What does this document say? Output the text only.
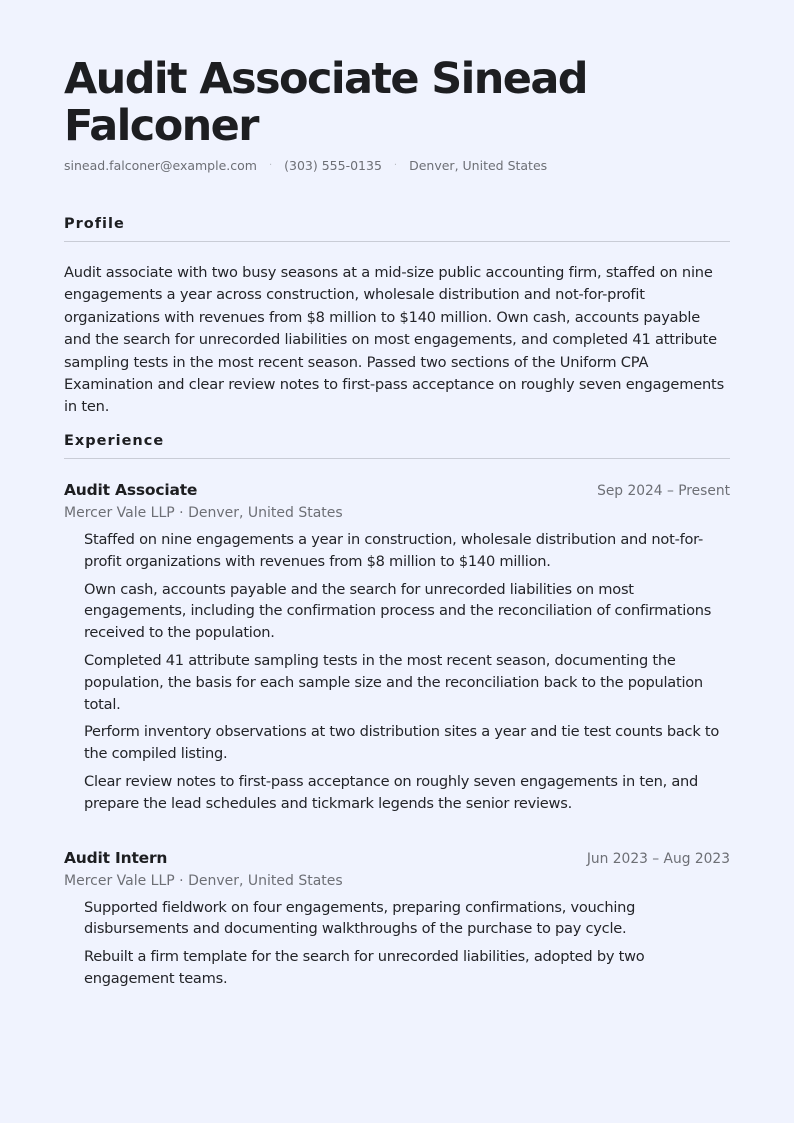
Audit Associate Sinead Falconer
sinead.falconer@example.com · (303) 555-0135 · Denver, United States
Profile

Audit associate with two busy seasons at a mid-size public accounting firm, staffed on nine engagements a year across construction, wholesale distribution and not-for-profit organizations with revenues from $8 million to $140 million. Own cash, accounts payable and the search for unrecorded liabilities on most engagements, and completed 41 attribute sampling tests in the most recent season. Passed two sections of the Uniform CPA Examination and clear review notes to first-pass acceptance on roughly seven engagements in ten.

Experience
Audit Associate	Sep 2024 – Present
Mercer Vale LLP · Denver, United States
Staffed on nine engagements a year in construction, wholesale distribution and not-for-profit organizations with revenues from $8 million to $140 million.
Own cash, accounts payable and the search for unrecorded liabilities on most engagements, including the confirmation process and the reconciliation of confirmations received to the population.
Completed 41 attribute sampling tests in the most recent season, documenting the population, the basis for each sample size and the reconciliation back to the population total.
Perform inventory observations at two distribution sites a year and tie test counts back to the compiled listing.
Clear review notes to first-pass acceptance on roughly seven engagements in ten, and prepare the lead schedules and tickmark legends the senior reviews.
Audit Intern	Jun 2023 – Aug 2023
Mercer Vale LLP · Denver, United States
Supported fieldwork on four engagements, preparing confirmations, vouching disbursements and documenting walkthroughs of the purchase to pay cycle.
Rebuilt a firm template for the search for unrecorded liabilities, adopted by two engagement teams.
